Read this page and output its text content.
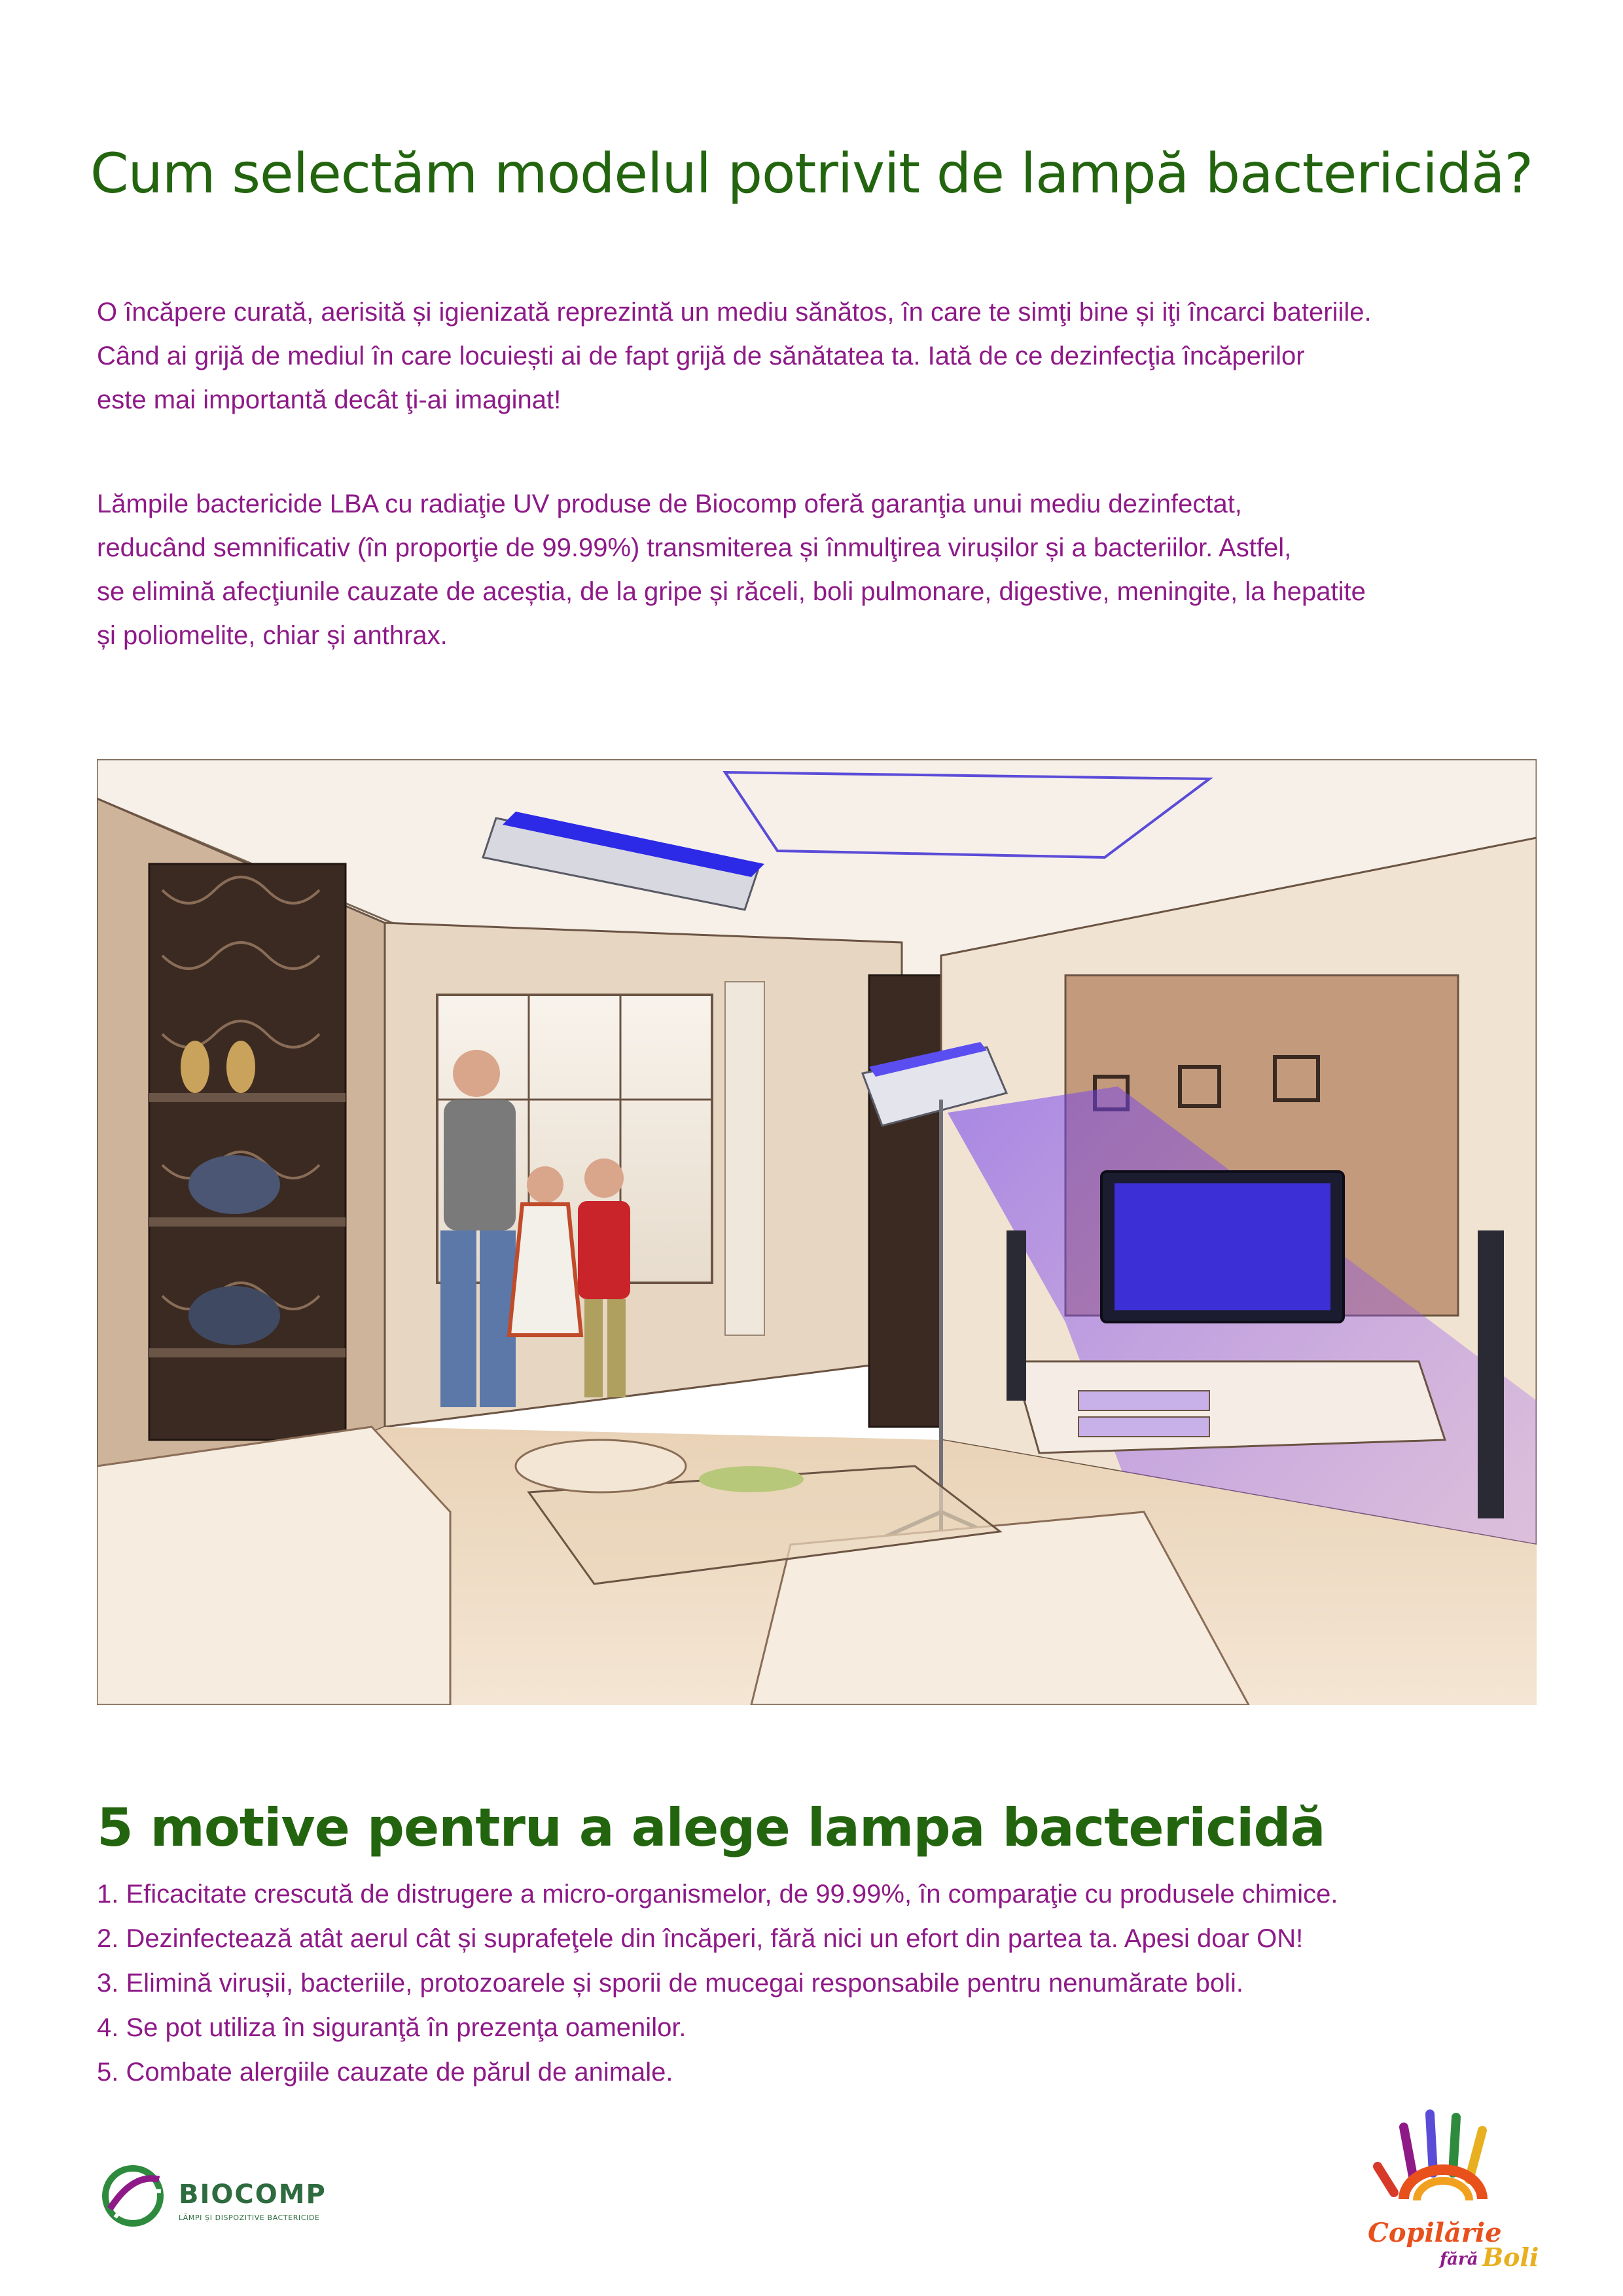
Cum selectăm modelul potrivit de lampă bactericidă?
O încăpere curată, aerisită și igienizată reprezintă un mediu sănătos, în care te simţi bine și iţi încarci bateriile.
Când ai grijă de mediul în care locuiești ai de fapt grijă de sănătatea ta. Iată de ce dezinfecţia încăperilor
este mai importantă decât ţi-ai imaginat!
Lămpile bactericide LBA cu radiaţie UV produse de Biocomp oferă garanţia unui mediu dezinfectat,
reducând semnificativ (în proporţie de 99.99%) transmiterea și înmulţirea virușilor și a bacteriilor. Astfel,
se elimină afecţiunile cauzate de aceștia, de la gripe și răceli, boli pulmonare, digestive, meningite, la hepatite
și poliomelite, chiar și anthrax.
5 motive pentru a alege lampa bactericidă
1. Eficacitate crescută de distrugere a micro-organismelor, de 99.99%, în comparaţie cu produsele chimice.
2. Dezinfectează atât aerul cât și suprafeţele din încăperi, fără nici un efort din partea ta. Apesi doar ON!
3. Elimină virușii, bacteriile, protozoarele și sporii de mucegai responsabile pentru nenumărate boli.
4. Se pot utiliza în siguranţă în prezenţa oamenilor.
5. Combate alergiile cauzate de părul de animale.
BIOCOMP
LĂMPI ȘI DISPOZITIVE BACTERICIDE	Copilărie
fără Boli
